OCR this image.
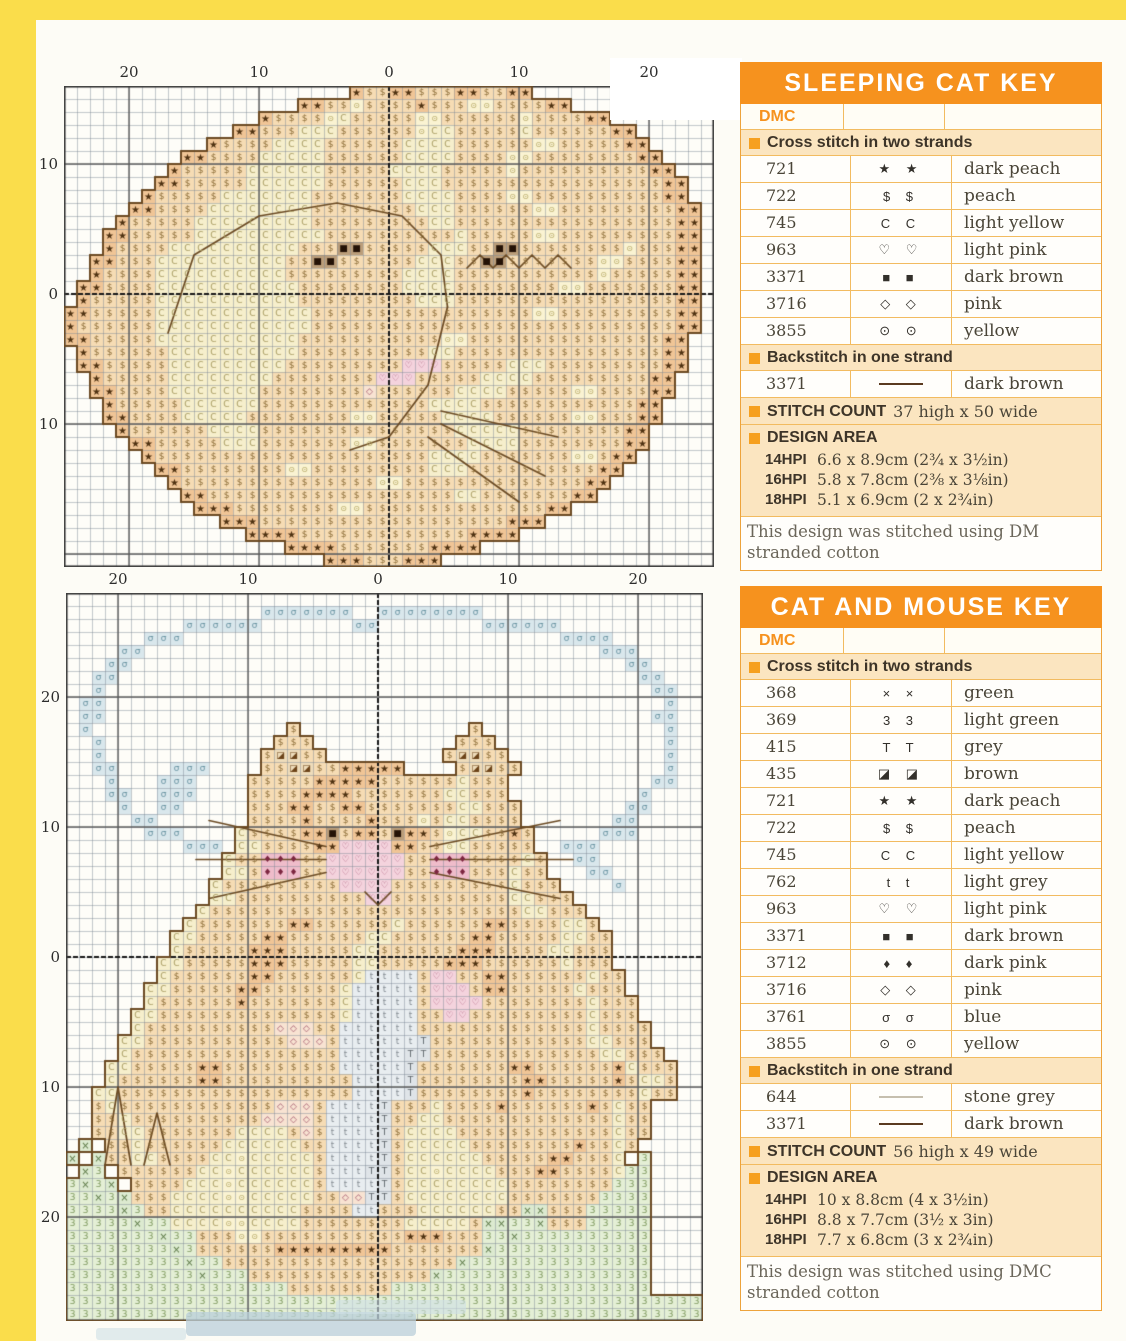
SLEEPING CAT KEY
DMC
Cross stitch in two strands
721	★ ★	dark peach
722	$ $	peach
745	C C	light yellow
963	♡ ♡	light pink
3371	■ ■	dark brown
3716	◇ ◇	pink
3855	⊙ ⊙	yellow
Backstitch in one strand
3371	dark brown
STITCH COUNT 37 high x 50 wide
DESIGN AREA
14HPI 6.6 x 8.9cm (2¾ x 3½in)
16HPI 5.8 x 7.8cm (2⅜ x 3⅛in)
18HPI 5.1 x 6.9cm (2 x 2¾in)
This design was stitched using DM stranded cotton
CAT AND MOUSE KEY
DMC
Cross stitch in two strands
368	× ×	green
369	3 3	light green
415	T T	grey
435	◪ ◪	brown
721	★ ★	dark peach
722	$ $	peach
745	C C	light yellow
762	t t	light grey
963	♡ ♡	light pink
3371	■ ■	dark brown
3712	♦ ♦	dark pink
3716	◇ ◇	pink
3761	σ σ	blue
3855	⊙ ⊙	yellow
Backstitch in one strand
644	stone grey
3371	dark brown
STITCH COUNT 56 high x 49 wide
DESIGN AREA
14HPI 10 x 8.8cm (4 x 3½in)
16HPI 8.8 x 7.7cm (3½ x 3in)
18HPI 7.7 x 6.8cm (3 x 2¾in)
This design was stitched using DMC stranded cotton
20	10	0	10	20
10
0
10
20	10	0	10	20
20
10
0
10
20
